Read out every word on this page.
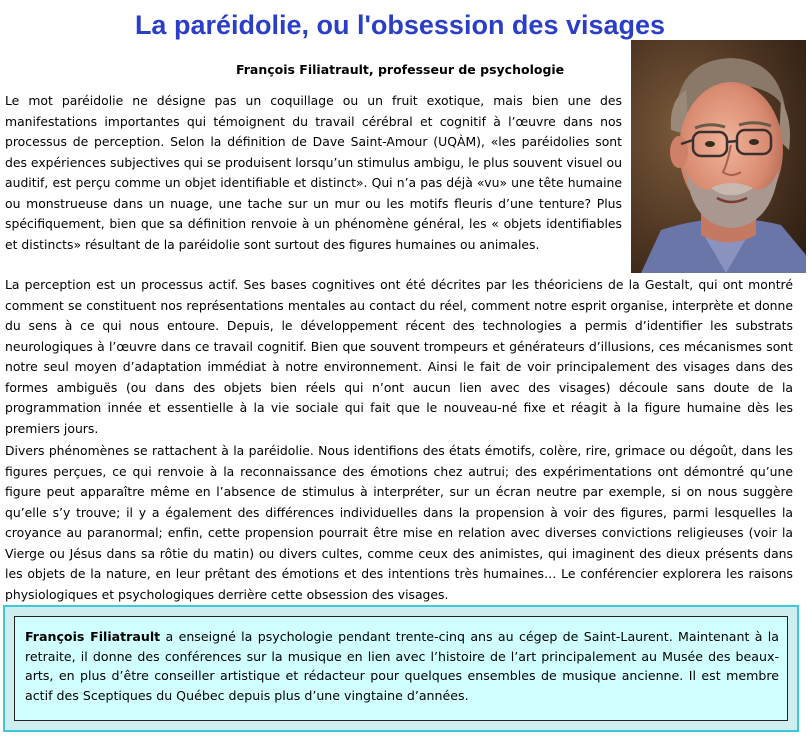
La paréidolie, ou l'obsession des visages

François Filiatrault, professeur de psychologie

Le mot paréidolie ne désigne pas un coquillage ou un fruit exotique, mais bien une des manifestations importantes qui témoignent du travail cérébral et cognitif à l’œuvre dans nos processus de perception. Selon la définition de Dave Saint-Amour (UQÀM), «les paréidolies sont des expériences subjectives qui se produisent lorsqu’un stimulus ambigu, le plus souvent visuel ou auditif, est perçu comme un objet identifiable et distinct». Qui n’a pas déjà «vu» une tête humaine ou monstrueuse dans un nuage, une tache sur un mur ou les motifs fleuris d’une tenture? Plus spécifiquement, bien que sa définition renvoie à un phénomène général, les « objets identifiables et distincts» résultant de la paréidolie sont surtout des figures humaines ou animales.

La perception est un processus actif. Ses bases cognitives ont été décrites par les théoriciens de la Gestalt, qui ont montré comment se constituent nos représentations mentales au contact du réel, comment notre esprit organise, interprète et donne du sens à ce qui nous entoure. Depuis, le développement récent des technologies a permis d’identifier les substrats neurologiques à l’œuvre dans ce travail cognitif. Bien que souvent trompeurs et générateurs d’illusions, ces mécanismes sont notre seul moyen d’adaptation immédiat à notre environnement. Ainsi le fait de voir principalement des visages dans des formes ambiguës (ou dans des objets bien réels qui n’ont aucun lien avec des visages) découle sans doute de la programmation innée et essentielle à la vie sociale qui fait que le nouveau-né fixe et réagit à la figure humaine dès les premiers jours.

Divers phénomènes se rattachent à la paréidolie. Nous identifions des états émotifs, colère, rire, grimace ou dégoût, dans les figures perçues, ce qui renvoie à la reconnaissance des émotions chez autrui; des expérimentations ont démontré qu’une figure peut apparaître même en l’absence de stimulus à interpréter, sur un écran neutre par exemple, si on nous suggère qu’elle s’y trouve; il y a également des différences individuelles dans la propension à voir des figures, parmi lesquelles la croyance au paranormal; enfin, cette propension pourrait être mise en relation avec diverses convictions religieuses (voir la Vierge ou Jésus dans sa rôtie du matin) ou divers cultes, comme ceux des animistes, qui imaginent des dieux présents dans les objets de la nature, en leur prêtant des émotions et des intentions très humaines… Le conférencier explorera les raisons physiologiques et psychologiques derrière cette obsession des visages.

François Filiatrault a enseigné la psychologie pendant trente-cinq ans au cégep de Saint-Laurent. Maintenant à la retraite, il donne des conférences sur la musique en lien avec l’histoire de l’art principalement au Musée des beaux-arts, en plus d’être conseiller artistique et rédacteur pour quelques ensembles de musique ancienne. Il est membre actif des Sceptiques du Québec depuis plus d’une vingtaine d’années.
